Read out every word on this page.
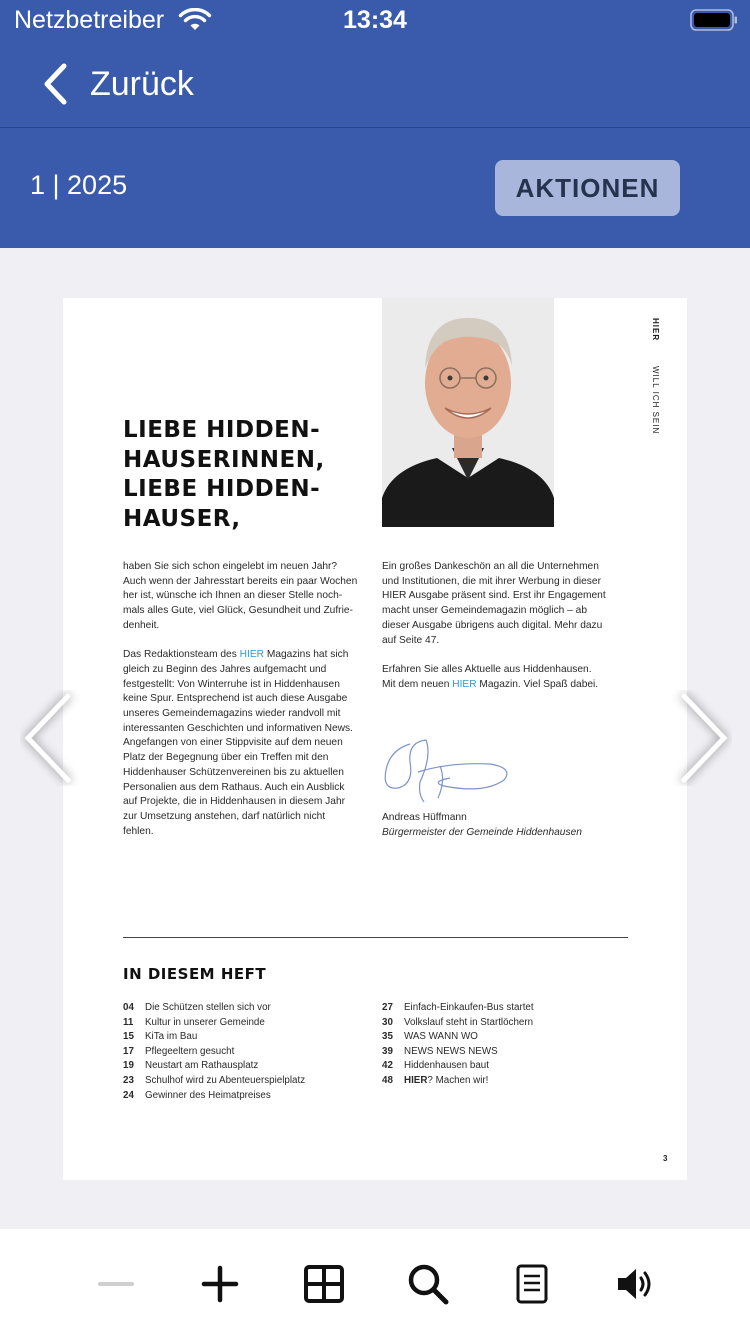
Netzbetreiber	13:34
Zurück
1 | 2025	AKTIONEN
HIER
WILL ICH SEIN
LIEBE HIDDEN-
HAUSERINNEN,
LIEBE HIDDEN-
HAUSER,

haben Sie sich schon eingelebt im neuen Jahr?
Auch wenn der Jahresstart bereits ein paar Wochen
her ist, wünsche ich Ihnen an dieser Stelle noch-
mals alles Gute, viel Glück, Gesundheit und Zufrie-
denheit.

Das Redaktionsteam des HIER Magazins hat sich
gleich zu Beginn des Jahres aufgemacht und
festgestellt: Von Winterruhe ist in Hiddenhausen
keine Spur. Entsprechend ist auch diese Ausgabe
unseres Gemeindemagazins wieder randvoll mit
interessanten Geschichten und informativen News.
Angefangen von einer Stippvisite auf dem neuen
Platz der Begegnung über ein Treffen mit den
Hiddenhauser Schützenvereinen bis zu aktuellen
Personalien aus dem Rathaus. Auch ein Ausblick
auf Projekte, die in Hiddenhausen in diesem Jahr
zur Umsetzung anstehen, darf natürlich nicht
fehlen.

Ein großes Dankeschön an all die Unternehmen
und Institutionen, die mit ihrer Werbung in dieser
HIER Ausgabe präsent sind. Erst ihr Engagement
macht unser Gemeindemagazin möglich – ab
dieser Ausgabe übrigens auch digital. Mehr dazu
auf Seite 47.

Erfahren Sie alles Aktuelle aus Hiddenhausen.
Mit dem neuen HIER Magazin. Viel Spaß dabei.

Andreas Hüffmann
Bürgermeister der Gemeinde Hiddenhausen
IN DIESEM HEFT
04	Die Schützen stellen sich vor
11	Kultur in unserer Gemeinde
15	KiTa im Bau
17	Pflegeeltern gesucht
19	Neustart am Rathausplatz
23	Schulhof wird zu Abenteuerspielplatz
24	Gewinner des Heimatpreises
27	Einfach-Einkaufen-Bus startet
30	Volkslauf steht in Startlöchern
35	WAS WANN WO
39	NEWS NEWS NEWS
42	Hiddenhausen baut
48	HIER? Machen wir!
3
